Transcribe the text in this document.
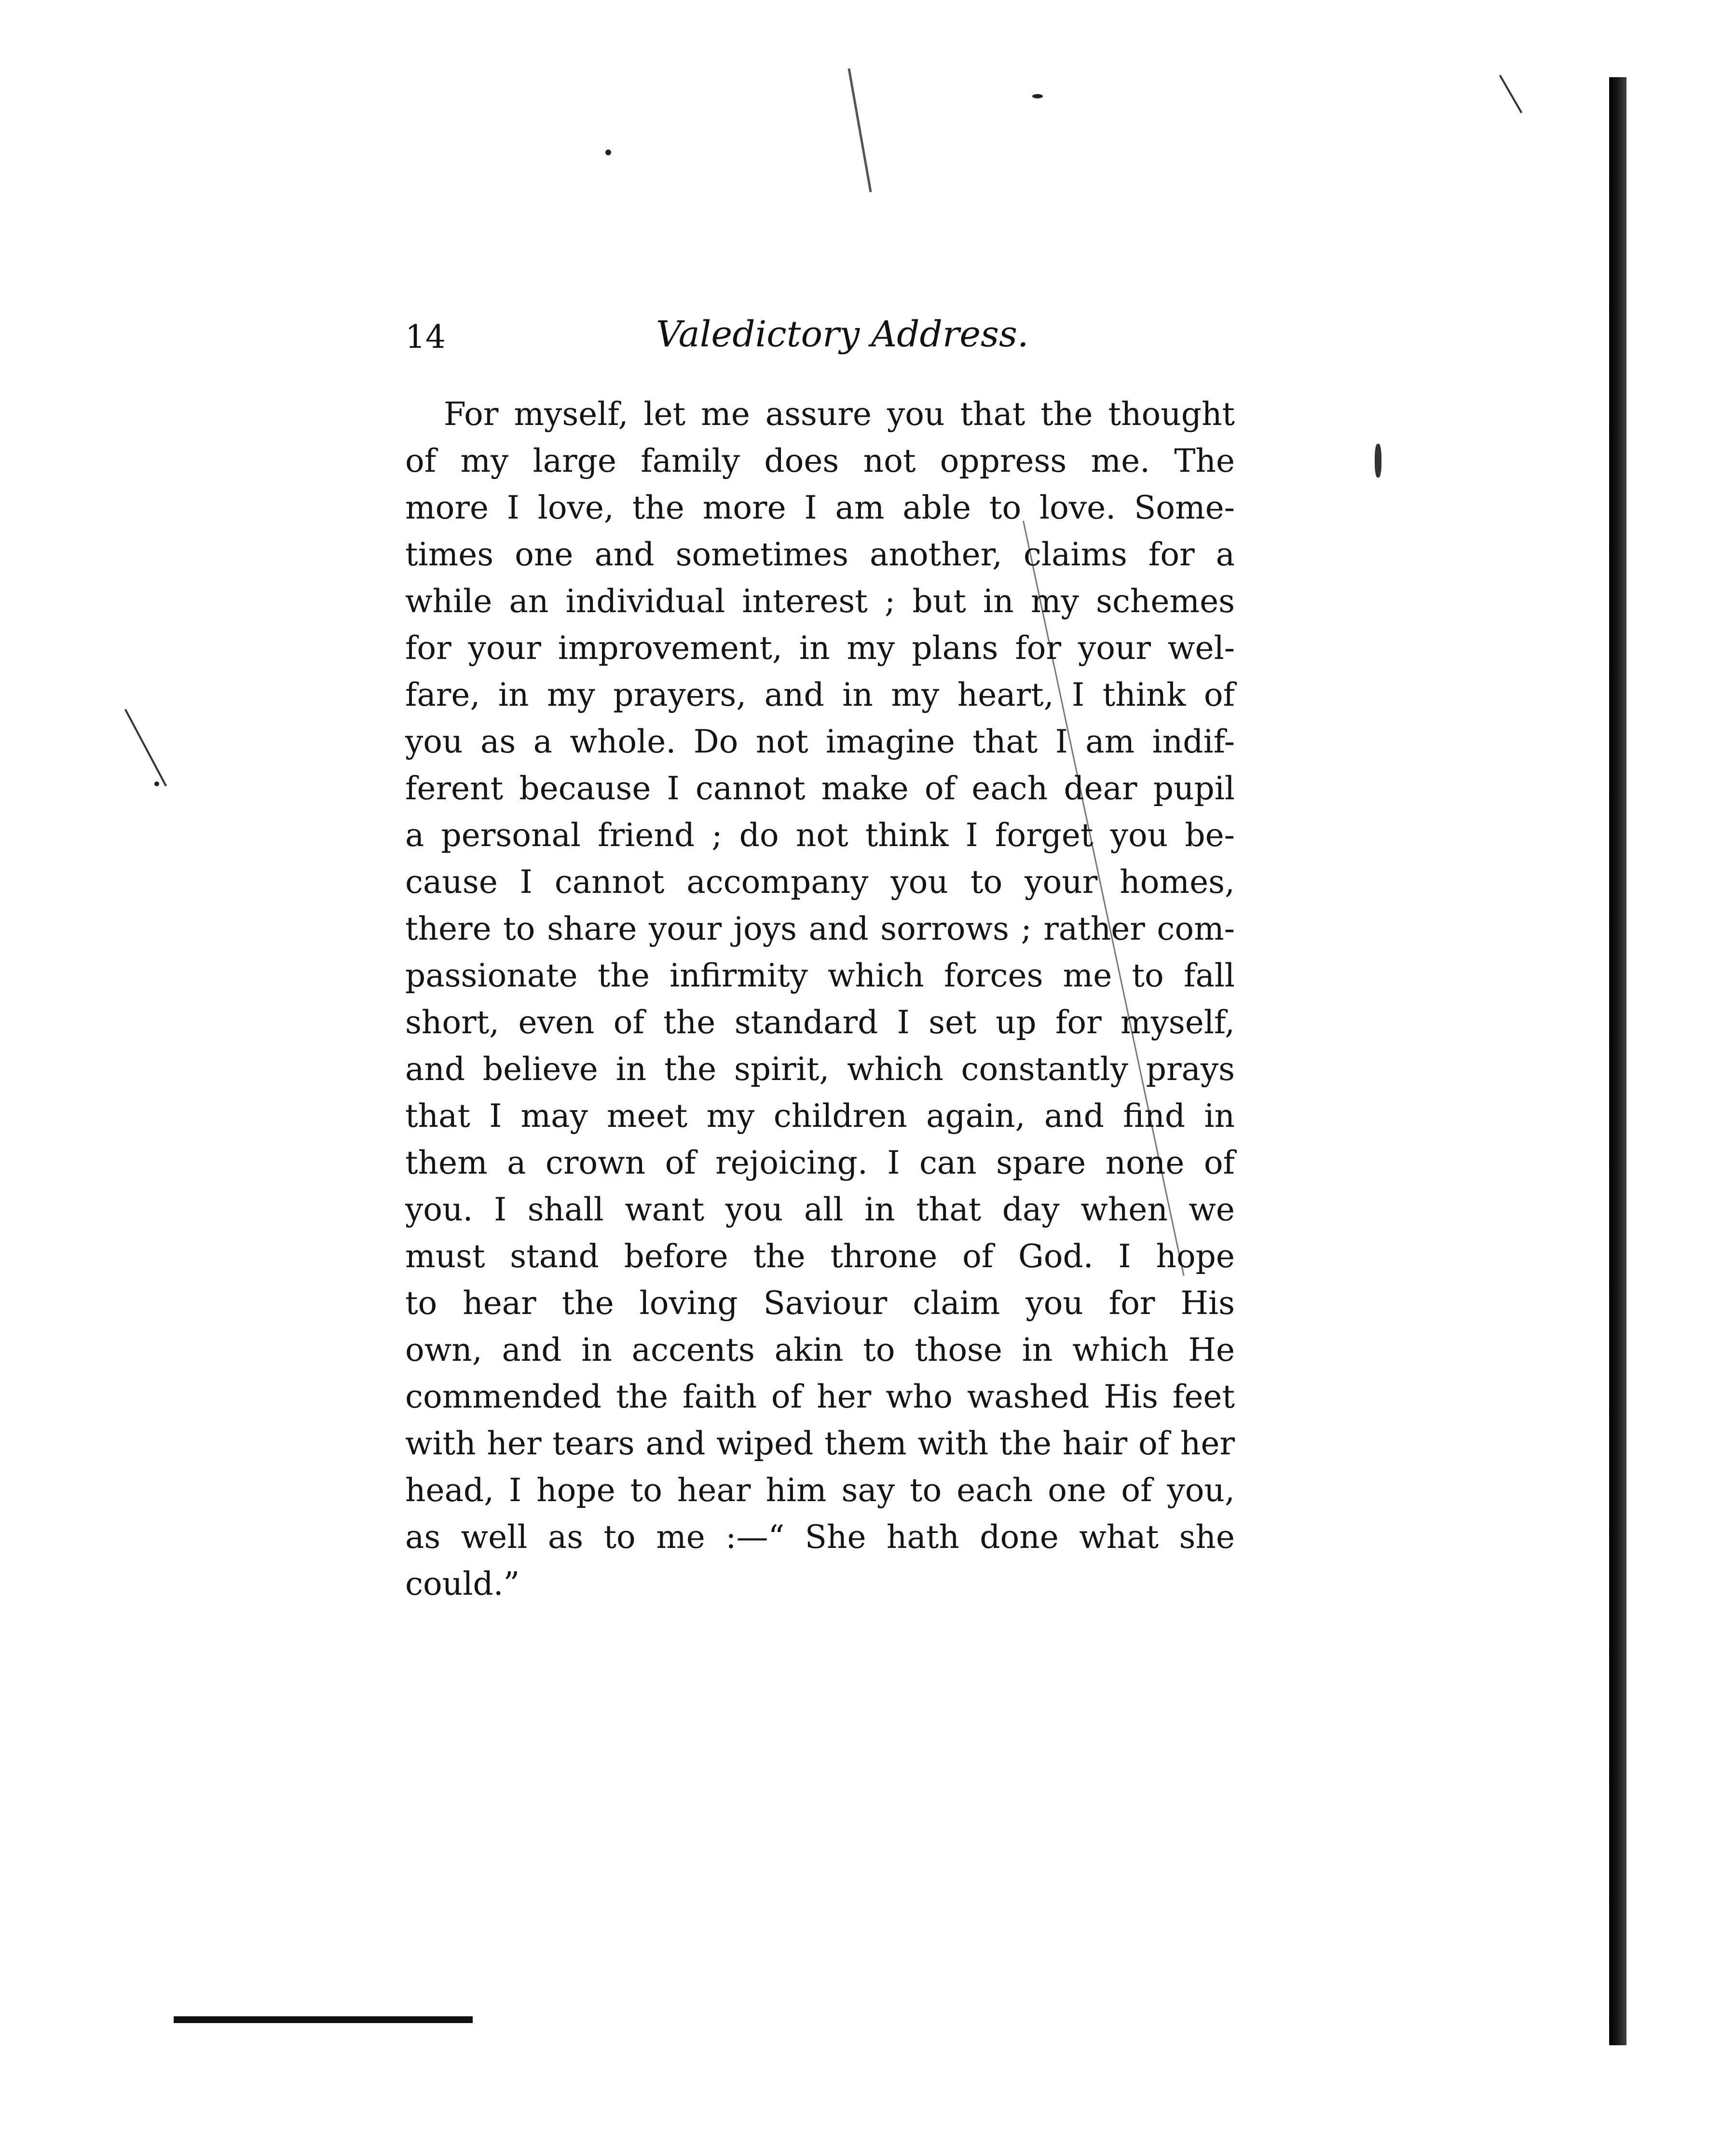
14	Valedictory Address.
For myself, let me assure you that the thought
of my large family does not oppress me. The
more I love, the more I am able to love. Some-
times one and sometimes another, claims for a
while an individual interest ; but in my schemes
for your improvement, in my plans for your wel-
fare, in my prayers, and in my heart, I think of
you as a whole. Do not imagine that I am indif-
ferent because I cannot make of each dear pupil
a personal friend ; do not think I forget you be-
cause I cannot accompany you to your homes,
there to share your joys and sorrows ; rather com-
passionate the infirmity which forces me to fall
short, even of the standard I set up for myself,
and believe in the spirit, which constantly prays
that I may meet my children again, and find in
them a crown of rejoicing. I can spare none of
you. I shall want you all in that day when we
must stand before the throne of God. I hope
to hear the loving Saviour claim you for His
own, and in accents akin to those in which He
commended the faith of her who washed His feet
with her tears and wiped them with the hair of her
head, I hope to hear him say to each one of you,
as well as to me :—“ She hath done what she
could.”
